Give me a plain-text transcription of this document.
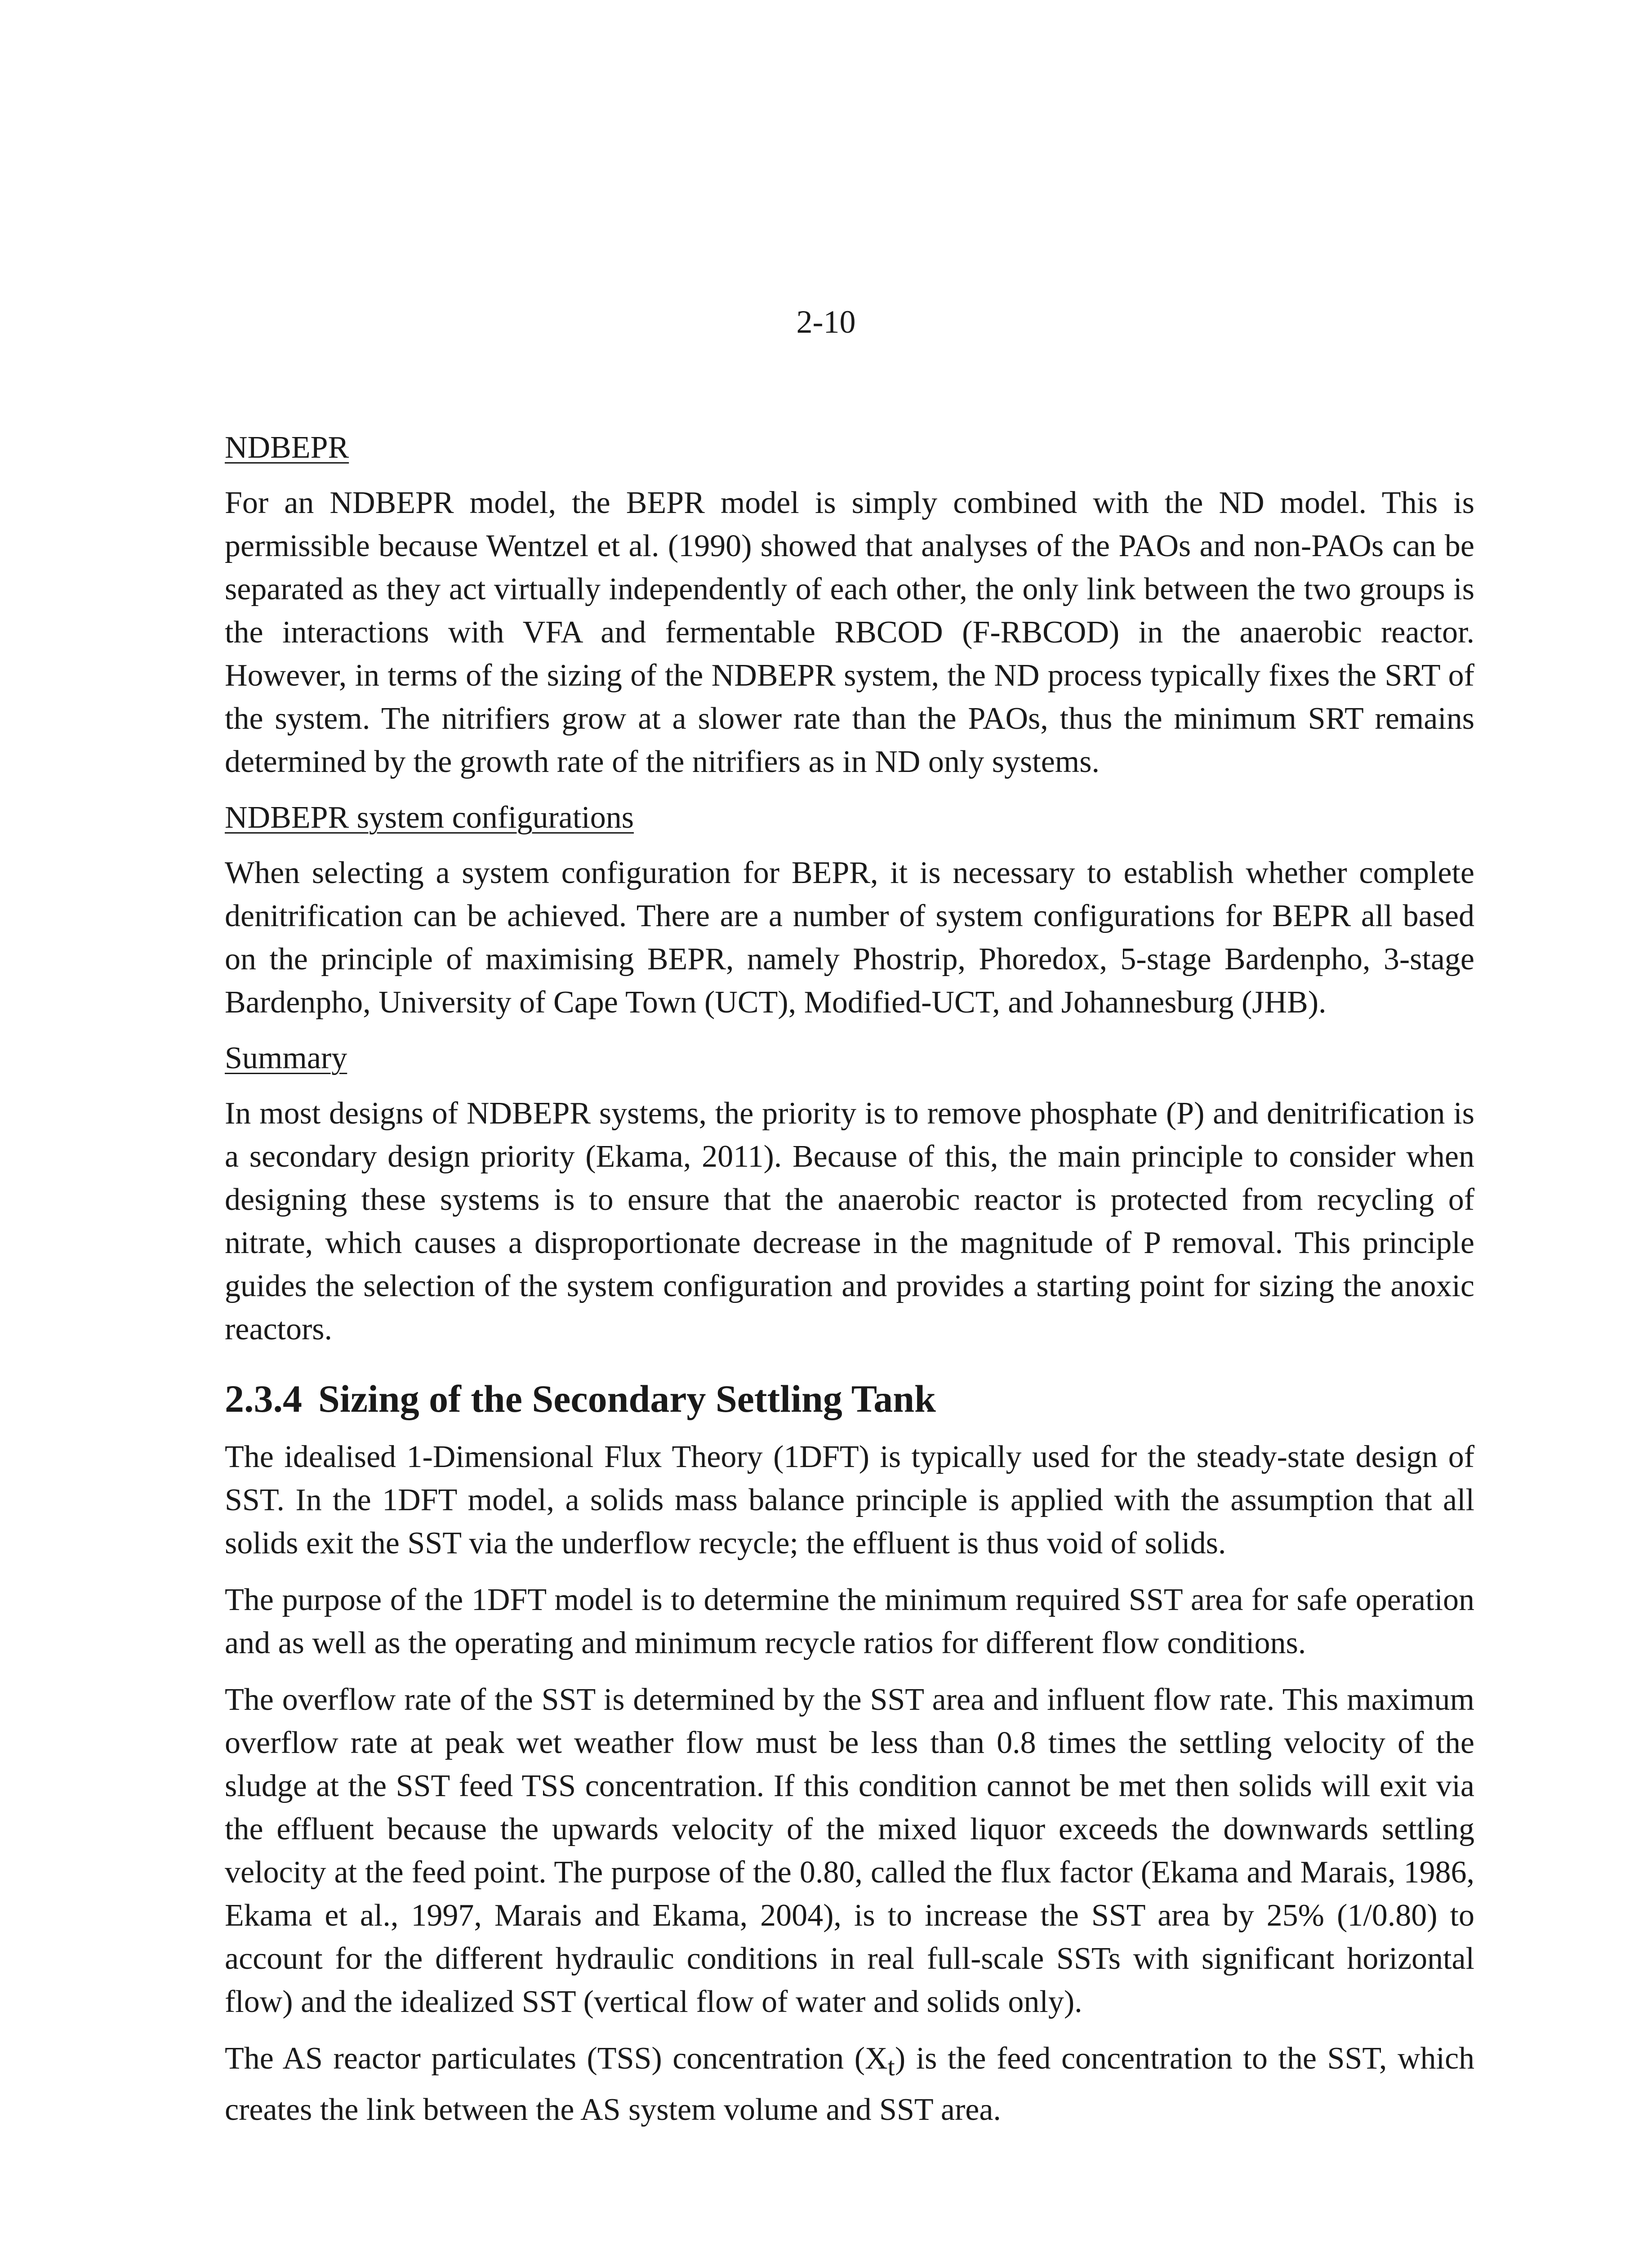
2-10
NDBEPR

For an NDBEPR model, the BEPR model is simply combined with the ND model. This is permissible because Wentzel et al. (1990) showed that analyses of the PAOs and non-PAOs can be separated as they act virtually independently of each other, the only link between the two groups is the interactions with VFA and fermentable RBCOD (F-RBCOD) in the anaerobic reactor. However, in terms of the sizing of the NDBEPR system, the ND process typically fixes the SRT of the system. The nitrifiers grow at a slower rate than the PAOs, thus the minimum SRT remains determined by the growth rate of the nitrifiers as in ND only systems.

NDBEPR system configurations

When selecting a system configuration for BEPR, it is necessary to establish whether complete denitrification can be achieved. There are a number of system configurations for BEPR all based on the principle of maximising BEPR, namely Phostrip, Phoredox, 5-stage Bardenpho, 3-stage Bardenpho, University of Cape Town (UCT), Modified-UCT, and Johannesburg (JHB).

Summary

In most designs of NDBEPR systems, the priority is to remove phosphate (P) and denitrification is a secondary design priority (Ekama, 2011). Because of this, the main principle to consider when designing these systems is to ensure that the anaerobic reactor is protected from recycling of nitrate, which causes a disproportionate decrease in the magnitude of P removal. This principle guides the selection of the system configuration and provides a starting point for sizing the anoxic reactors.

2.3.4 Sizing of the Secondary Settling Tank

The idealised 1-Dimensional Flux Theory (1DFT) is typically used for the steady-state design of SST. In the 1DFT model, a solids mass balance principle is applied with the assumption that all solids exit the SST via the underflow recycle; the effluent is thus void of solids.

The purpose of the 1DFT model is to determine the minimum required SST area for safe operation and as well as the operating and minimum recycle ratios for different flow conditions.

The overflow rate of the SST is determined by the SST area and influent flow rate. This maximum overflow rate at peak wet weather flow must be less than 0.8 times the settling velocity of the sludge at the SST feed TSS concentration. If this condition cannot be met then solids will exit via the effluent because the upwards velocity of the mixed liquor exceeds the downwards settling velocity at the feed point. The purpose of the 0.80, called the flux factor (Ekama and Marais, 1986, Ekama et al., 1997, Marais and Ekama, 2004), is to increase the SST area by 25% (1/0.80) to account for the different hydraulic conditions in real full-scale SSTs with significant horizontal flow) and the idealized SST (vertical flow of water and solids only).

The AS reactor particulates (TSS) concentration $(X_t)$ is the feed concentration to the SST, which creates the link between the AS system volume and SST area.
